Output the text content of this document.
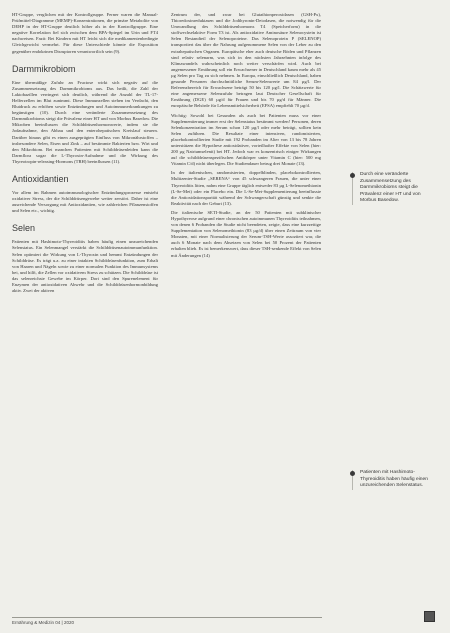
HT-Gruppe, verglichen mit der Kontrollgruppe. Ferner waren die Manual-Prüfmittel-Diagramme (MEMP)-Konzentrationen, die primäre Metabolite von DEHP in der HT-Gruppe deutlich höher als in der Kontrollgruppe. Eine negative Korrelation fiel sich zwischen dem BPA-Spiegel im Urin und FT4 nachweisen. Fazit: Bei Kindern mit HT leicht sich die medikamentenbedingte Gleichgewicht vermehrt. Für diese Unterschiede könnte die Exposition gegenüber endokrinen Disruptoren verantwortlich sein (9).

Darmmikrobiom

Eine übermäßige Zufuhr an Fructose wirkt sich negativ auf die Zusammensetzung des Darmmikrobioms aus. Das heißt, die Zahl der Laktobazillen verringert sich deutlich, während die Anzahl der TL-17-Helferzellen im Blut zunimmt. Diese Immunzellen stehen im Verdacht, den Blutdruck zu erhöhen sowie Entzündungen und Autoimmunerkrankungen zu begünstigen (10). Durch eine veränderte Zusammensetzung des Darmmikrobioms steigt die Prävalenz einer HT und von Morbus Basedow. Die Mikroben beeinflussen die Schilddrüsenhormonwerte, indem sie die Jodaufnahme, den Abbau und den enterohepatischen Kreislauf steuern. Darüber hinaus gibt es einen ausgeprägten Einfluss von Mikronährstoffen – insbesondere Selen, Eisen und Zink – auf bestimmte Bakterien bzw. Wirt und den Mikrobiom. Bei manchen Patienten mit Schilddrüsenleiden kann die Darmflora sogar die L-Thyroxin-Aufnahme und die Wirkung des Thyreotropin-releasing-Hormons (TRH) beeinflussen (11).

Antioxidantien

Vor allem im Rahmen autoimmunologischer Entzündungsprozesse entsteht oxidativer Stress, der die Schilddrüsengewebe weiter zerstört. Daher ist eine ausreichende Versorgung mit Antioxidantien, wie zahlreichen Pflanzenstoffen und Selen etc., wichtig.

Selen

Patienten mit Hashimoto-Thyreoiditis haben häufig einen unzureichenden Selenstatus. Ein Selenmangel verstärkt die Schilddrüsenautoimmunfunktion. Selen optimiert die Wirkung von L-Thyroxin und hemmt Entzündungen der Schilddrüse. Es trägt u.a. zu einer intakten Schilddrüsenfunktion, zum Erhalt von Haaren und Nägeln sowie zu einer normalen Funktion des Immunsystems bei, und hilft, die Zellen vor oxidativem Stress zu schützen. Die Schilddrüse ist das selenreichste Gewebe im Körper. Dort sind den Spurenelement für Enzymen der antioxidativen Abwehr und die Schilddrüsenhormonbildung aktiv. Zwei der aktiven

Zentrum der, und zwar bei Glutathionperoxidasen (GSH-Px), Thioredoxinreduktasen und die Jodthyronin-Deiodasen, die notwendig für die Umwandlung des Schilddrüsenhormons T4 (Speicherform) in die stoffwechselaktive Form T3 ist. Als antioxidative Aminosäure Selenocystein ist Selen Bestandteil der Selenoproteine. Das Selenoprotein P (SELENOP) transportiert das über die Nahrung aufgenommene Selen von der Leber zu den extrahepatischen Organen. Europäische eher auch deutsche Böden und Pflanzen sind relativ selenarm, was sich in den nächsten Jahrzehnten infolge des Klimawandels wahrscheinlich noch weiter verschärfen wird. Auch bei angemessener Ernährung soll ein Erwachsener in Deutschland kaum mehr als 45 µg Selen pro Tag zu sich nehmen. In Europa, einschließlich Deutschland, haben gesunde Personen durchschnittliche Serum-Selenwerte um 84 µg/l. Der Referenzbereich für Erwachsene beträgt 50 bis 120 µg/l. Die Schätzwerte für eine angemessene Selenzufuhr betragen laut Deutscher Gesellschaft für Ernährung (DGE) 60 µg/d für Frauen und bis 70 µg/d für Männer. Die europäische Behörde für Lebensmittelsicherheit (EFSA) empfiehlt 70 µg/d.

Wichtig: Sowohl bei Gesunden als auch bei Patienten muss vor einer Supplementierung immer erst der Selenstatus bestimmt werden! Personen, deren Selenkonzentration im Serum schon 120 µg/l oder mehr beträgt, sollten kein Selen zuführen. Die Resultate einer intensiven, randomisierten, placebokontrollierten Studie mit 192 Probanden im Alter von 13 bis 78 Jahren unterstützen die Hypothese antioxidativer, vorteilhafter Effekte von Selen (hier: 200 µg Natriumselenit) bei HT. Jedoch war es konzentrisch einiger Wirkungen auf die schilddrüsenspezifischen Antikörper unter Vitamin C (hier: 500 mg Vitamin C/d) nicht überlegen. Die Studiendauer betrug drei Monate (13).

In der italienischen, randomisierten, doppelblinden, placebokontrollierten, Multizenter-Studie „SERENA“ von 45 schwangeren Frauen, die unter einer Thyreoiditis litten, nahm eine Gruppe täglich entweder 83 µg L-Selenomethionin (L-Se-Met) oder ein Placebo ein. Die L-Se-Met-Supplementierung beeinflusste die Antioxidationsparität während der Schwangerschaft günstig und senkte die Reaktivität nach der Geburt (13).

Die italienische SETI-Studie, an der 50 Patienten mit subklinischer Hypothyreose aufgrund einer chronischen autoimmunen Thyreoiditis teilnahmen, von denen 6 Probanden die Studie nicht beendeten, zeigte, dass eine kurzzeitige Supplementation von Selenomethionin (83 µg/d) über einen Zeitraum von vier Monaten, mit einer Normalisierung der Serum-TSH-Werte assoziiert war, die auch 6 Monate nach dem Absetzen von Selen bei 50 Prozent der Patienten erhalten blieb. Es ist bemerkenswert, dass dieser TSH-senkende Effekt von Selen mit Änderungen (14)

Durch eine veränderte Zusammensetzung des Darmmikrobioms steigt die Prävalenz einer HT und von Morbus Basedow.
Patienten mit Hashimoto-Thyreoiditis haben häufig einen unzureichenden Selenstatus.
Ernährung & Medizin 04 | 2020
